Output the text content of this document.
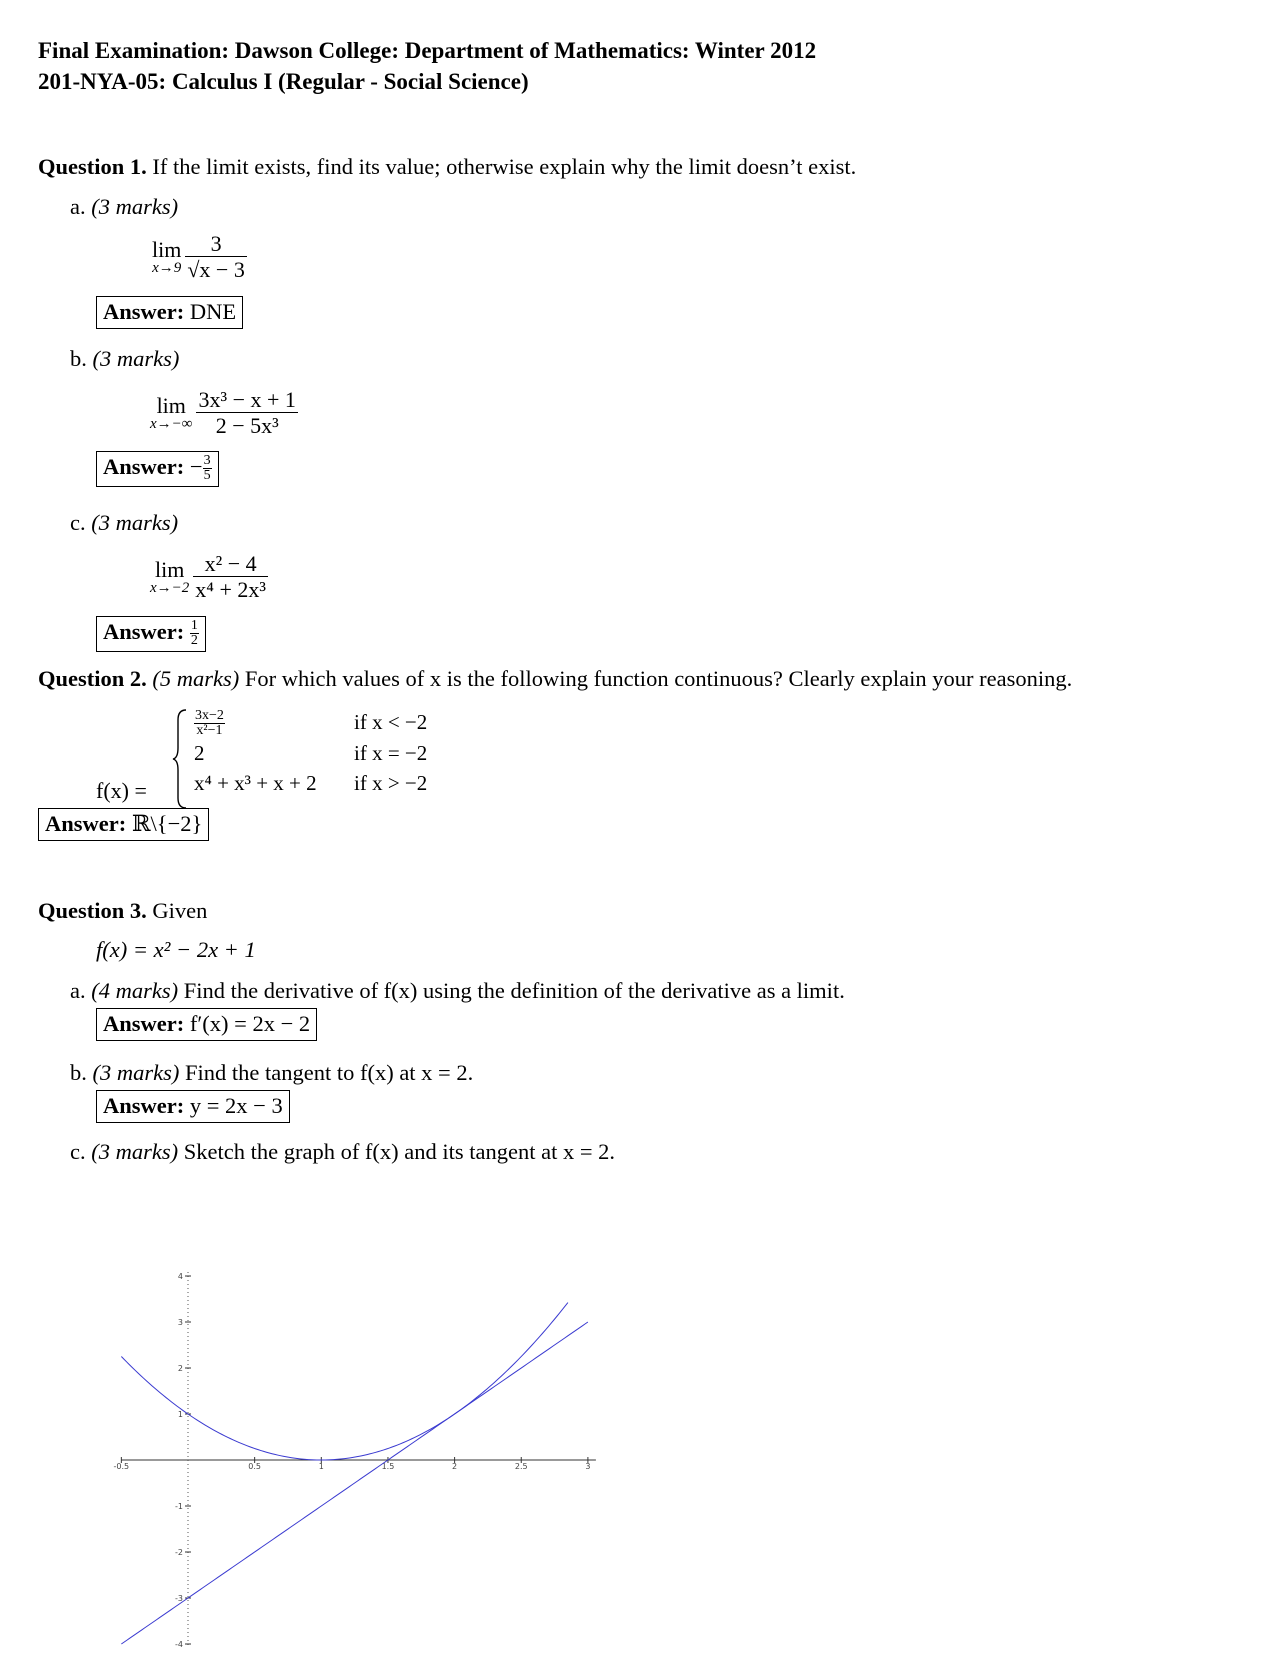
Final Examination: Dawson College: Department of Mathematics: Winter 2012
201-NYA-05: Calculus I (Regular - Social Science)
Question 1. If the limit exists, find its value; otherwise explain why the limit doesn’t exist.
a. (3 marks)
lim
$x\to 9 \frac{3}{√x - 3}$
Answer: DNE
b. (3 marks)
lim
$x\to-\infty \frac{\text{3x³ − x + 1}}{\text{2 − 5x³}}$
Answer: − $\frac{3}{5}$
c. (3 marks)
lim
$x\to-2 \frac{\text{x² − 4}}{\text{x⁴ + 2x³}}$
Answer: $\frac{1}{2}$
Question 2. (5 marks) For which values of x is the following function continuous? Clearly explain your reasoning.
f(x) =
$\frac{3x-2}{\text{x²−1}}$	if x < −2
2	if x = −2
x⁴ + x³ + x + 2	if x > −2
Answer: ℝ\{−2}
Question 3. Given
f(x) = x² − 2x + 1
a. (4 marks) Find the derivative of f(x) using the definition of the derivative as a limit.
Answer: f′(x) = 2x − 2
b. (3 marks) Find the tangent to f(x) at x = 2.
Answer: y = 2x − 3
c. (3 marks) Sketch the graph of f(x) and its tangent at x = 2.
-0.5	0.5	1	1.5	2	2.5	3
4
3
2
1
-1
-2
-3
-4
